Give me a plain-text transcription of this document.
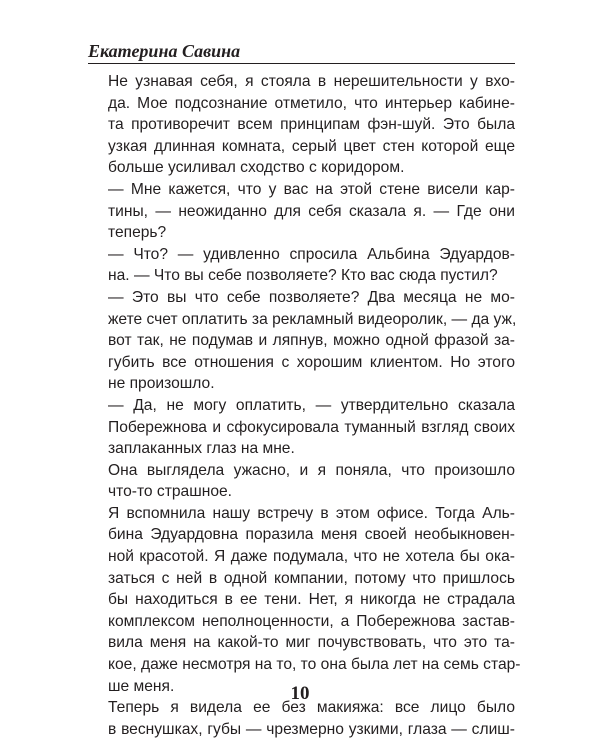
Екатерина Савина

Не узнавая себя, я стояла в нерешительности у вхо-
да. Мое подсознание отметило, что интерьер кабине-
та противоречит всем принципам фэн-шуй. Это была
узкая длинная комната, серый цвет стен которой еще
больше усиливал сходство с коридором.

— Мне кажется, что у вас на этой стене висели кар-
тины, — неожиданно для себя сказала я. — Где они
теперь?

— Что? — удивленно спросила Альбина Эдуардов-
на. — Что вы себе позволяете? Кто вас сюда пустил?

— Это вы что себе позволяете? Два месяца не мо-
жете счет оплатить за рекламный видеоролик, — да уж,
вот так, не подумав и ляпнув, можно одной фразой за-
губить все отношения с хорошим клиентом. Но этого
не произошло.

— Да, не могу оплатить, — утвердительно сказала
Побережнова и сфокусировала туманный взгляд своих
заплаканных глаз на мне.

Она выглядела ужасно, и я поняла, что произошло
что-то страшное.

Я вспомнила нашу встречу в этом офисе. Тогда Аль-
бина Эдуардовна поразила меня своей необыкновен-
ной красотой. Я даже подумала, что не хотела бы ока-
заться с ней в одной компании, потому что пришлось
бы находиться в ее тени. Нет, я никогда не страдала
комплексом неполноценности, а Побережнова застав-
вила меня на какой-то миг почувствовать, что это та-
кое, даже несмотря на то, то она была лет на семь стар-
ше меня.

Теперь я видела ее без макияжа: все лицо было
в веснушках, губы — чрезмерно узкими, глаза — слиш-

10
